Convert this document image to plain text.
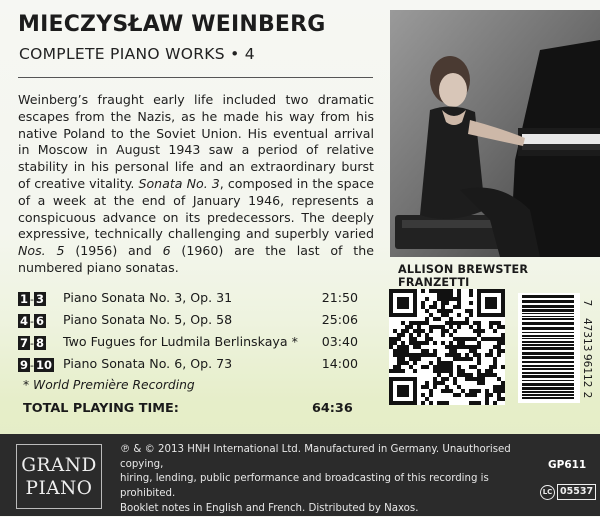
MIECZYSŁAW WEINBERG
COMPLETE PIANO WORKS • 4
Weinberg’s fraught early life included two dramatic escapes from the Nazis, as he made his way from his native Poland to the Soviet Union. His eventual arrival in Moscow in August 1943 saw a period of relative stability in his personal life and an extraordinary burst of creative vitality. Sonata No. 3, composed in the space of a week at the end of January 1946, represents a conspicuous advance on its predecessors. The deeply expressive, technically challenging and superbly varied Nos. 5 (1956) and 6 (1960) are the last of the numbered piano sonatas.	ALLISON BREWSTER FRANZETTI
1 - 3 Piano Sonata No. 3, Op. 31	21:50
4 - 6 Piano Sonata No. 5, Op. 58	25:06
7 - 8 Two Fugues for Ludmila Berlinskaya * 03:40
9 - 10 Piano Sonata No. 6, Op. 73	14:00
* World Première Recording
TOTAL PLAYING TIME:	64:36
7
47313
96112
2
GRAND
PIANO
℗ & © 2013 HNH International Ltd. Manufactured in Germany. Unauthorised copying,
hiring, lending, public performance and broadcasting of this recording is prohibited.
Booklet notes in English and French. Distributed by Naxos.
GP611
LC 05537
